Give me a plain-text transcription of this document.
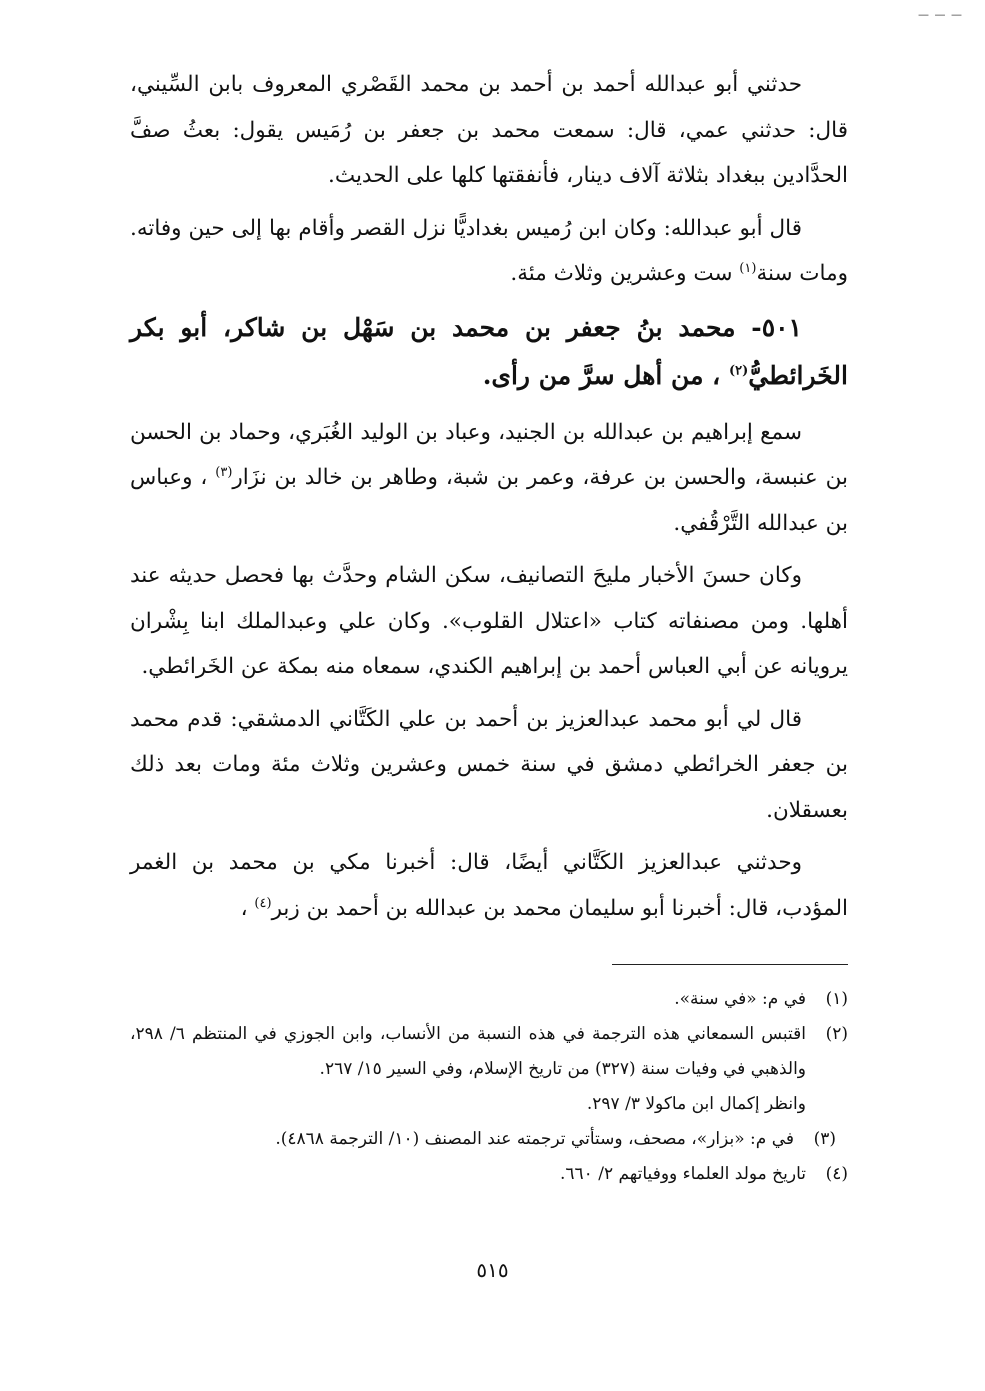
— — —

حدثني أبو عبدالله أحمد بن أحمد بن محمد القَصْري المعروف بابن السِّيني، قال: حدثني عمي، قال: سمعت محمد بن جعفر بن رُمَيس يقول: بعثُ صفَّ الحدَّادين ببغداد بثلاثة آلاف دينار، فأنفقتها كلها على الحديث.

قال أبو عبدالله: وكان ابن رُميس بغداديًّا نزل القصر وأقام بها إلى حين وفاته. ومات سنة$^{(١)}$ ست وعشرين وثلاث مئة.

٥٠١- محمد بنُ جعفر بن محمد بن سَهْل بن شاكر، أبو بكر الخَرائطيُّ$^{(٢)}$ ، من أهل سرَّ من رأى.

سمع إبراهيم بن عبدالله بن الجنيد، وعباد بن الوليد الغُبَري، وحماد بن الحسن بن عنبسة، والحسن بن عرفة، وعمر بن شبة، وطاهر بن خالد بن نزَار$^{(٣)}$ ، وعباس بن عبدالله التَّرْقُفي.

وكان حسنَ الأخبار مليحَ التصانيف، سكن الشام وحدَّث بها فحصل حديثه عند أهلها. ومن مصنفاته كتاب «اعتلال القلوب». وكان علي وعبدالملك ابنا بِشْران يرويانه عن أبي العباس أحمد بن إبراهيم الكندي، سمعاه منه بمكة عن الخَرائطي.

قال لي أبو محمد عبدالعزيز بن أحمد بن علي الكَتَّاني الدمشقي: قدم محمد بن جعفر الخرائطي دمشق في سنة خمس وعشرين وثلاث مئة ومات بعد ذلك بعسقلان.

وحدثني عبدالعزيز الكَتَّاني أيضًا، قال: أخبرنا مكي بن محمد بن الغمر المؤدب، قال: أخبرنا أبو سليمان محمد بن عبدالله بن أحمد بن زبر$^{(٤)}$ ،

(١)
في م: «في سنة».
(٢)
اقتبس السمعاني هذه الترجمة في هذه النسبة من الأنساب، وابن الجوزي في المنتظم ٦/ ٢٩٨، والذهبي في وفيات سنة (٣٢٧) من تاريخ الإسلام، وفي السير ١٥/ ٢٦٧.
وانظر إكمال ابن ماكولا ٣/ ٢٩٧.
(٣)
في م: «بزار»، مصحف، وستأتي ترجمته عند المصنف (١٠/ الترجمة ٤٨٦٨).
(٤)
تاريخ مولد العلماء ووفياتهم ٢/ ٦٦٠.
٥١٥
